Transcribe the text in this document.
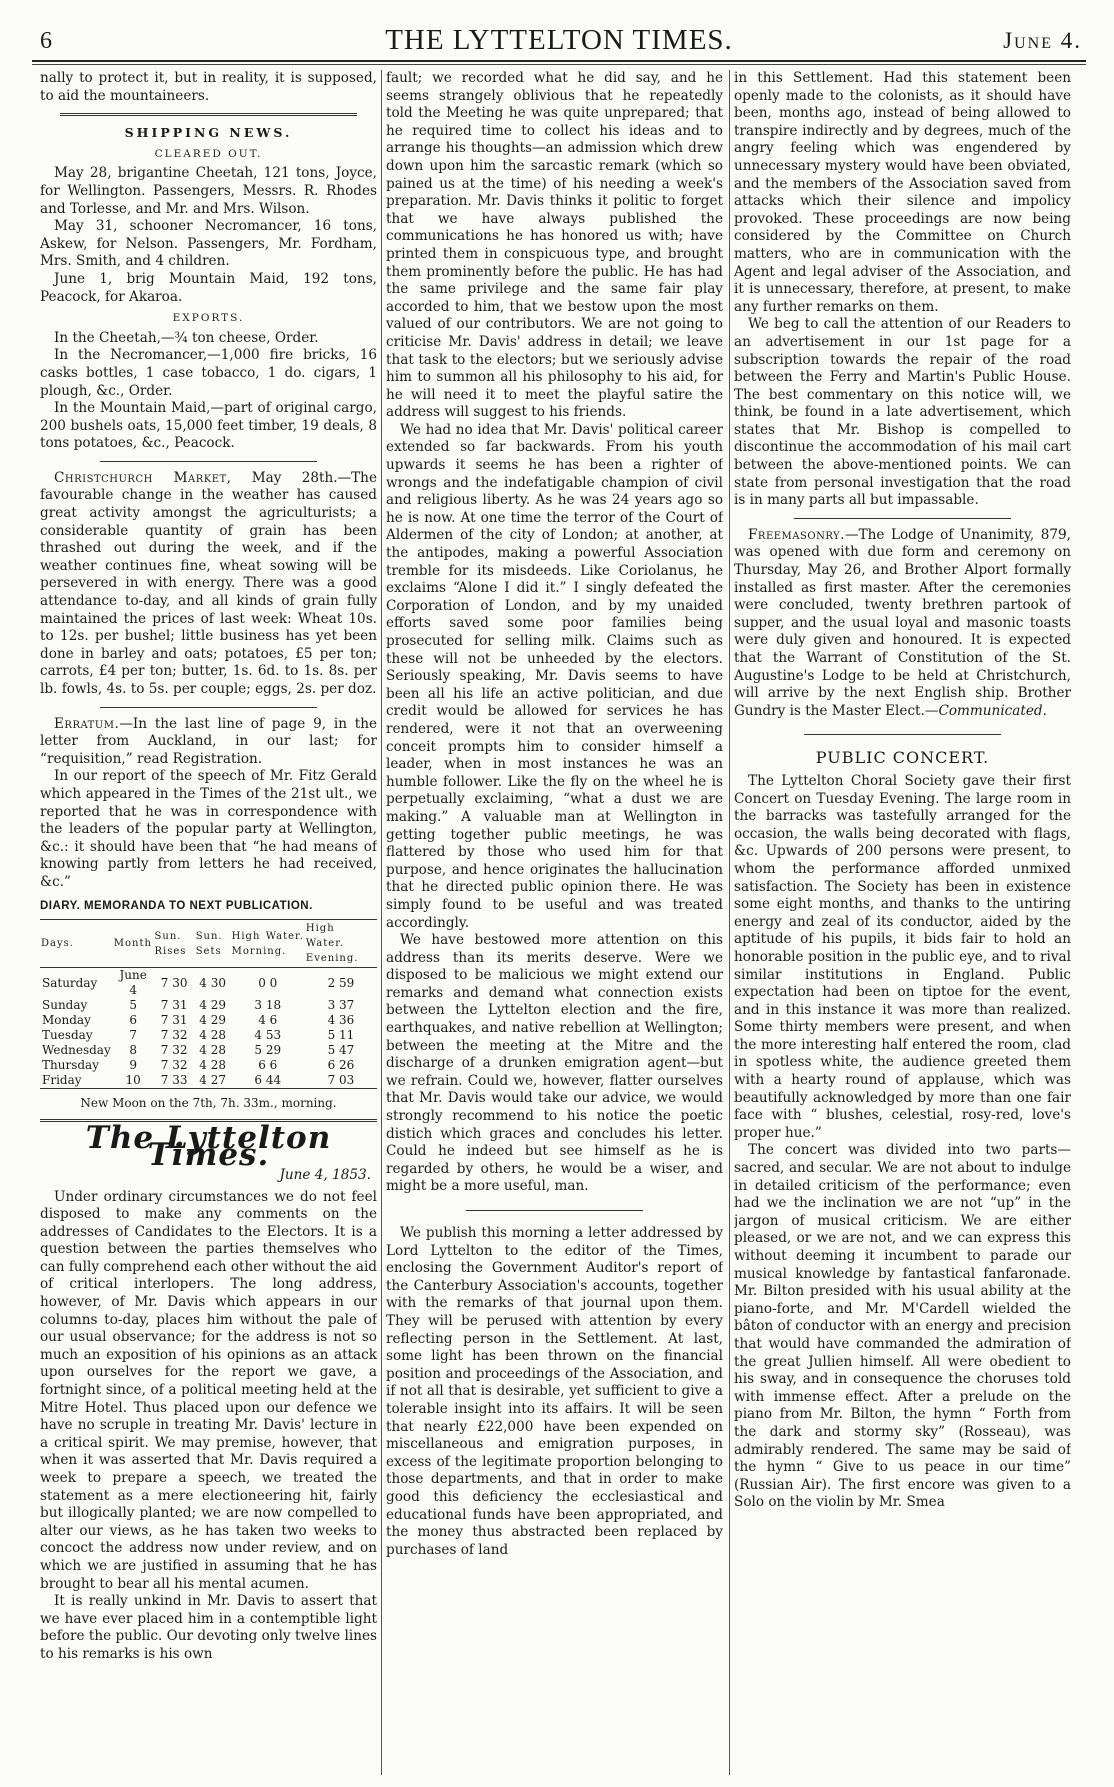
6	THE LYTTELTON TIMES.	June 4.

nally to protect it, but in reality, it is supposed, to aid the mountaineers.

SHIPPING NEWS.
CLEARED OUT.

May 28, brigantine Cheetah, 121 tons, Joyce, for Wellington. Passengers, Messrs. R. Rhodes and Torlesse, and Mr. and Mrs. Wilson.

May 31, schooner Necromancer, 16 tons, Askew, for Nelson. Passengers, Mr. Fordham, Mrs. Smith, and 4 children.

June 1, brig Mountain Maid, 192 tons, Peacock, for Akaroa.

EXPORTS.

In the Cheetah,—¾ ton cheese, Order.

In the Necromancer,—1,000 fire bricks, 16 casks bottles, 1 case tobacco, 1 do. cigars, 1 plough, &c., Order.

In the Mountain Maid,—part of original cargo, 200 bushels oats, 15,000 feet timber, 19 deals, 8 tons potatoes, &c., Peacock.

Christchurch Market, May 28th.—The favourable change in the weather has caused great activity amongst the agriculturists; a considerable quantity of grain has been thrashed out during the week, and if the weather continues fine, wheat sowing will be persevered in with energy. There was a good attendance to-day, and all kinds of grain fully maintained the prices of last week: Wheat 10s. to 12s. per bushel; little business has yet been done in barley and oats; potatoes, £5 per ton; carrots, £4 per ton; butter, 1s. 6d. to 1s. 8s. per lb. fowls, 4s. to 5s. per couple; eggs, 2s. per doz.

Erratum.—In the last line of page 9, in the letter from Auckland, in our last; for “requisition,” read Registration.

In our report of the speech of Mr. Fitz Gerald which appeared in the Times of the 21st ult., we reported that he was in correspondence with the leaders of the popular party at Wellington, &c.: it should have been that “he had means of knowing partly from letters he had received, &c.”

DIARY. MEMORANDA TO NEXT PUBLICATION.
Days.	Month	Sun. Rises	Sun. Sets	High Water. Morning.	High Water. Evening.
Saturday	June 4	7 30	4 30	0 0	2 59
Sunday	5	7 31	4 29	3 18	3 37
Monday	6	7 31	4 29	4 6	4 36
Tuesday	7	7 32	4 28	4 53	5 11
Wednesday	8	7 32	4 28	5 29	5 47
Thursday	9	7 32	4 28	6 6	6 26
Friday	10	7 33	4 27	6 44	7 03
New Moon on the 7th, 7h. 33m., morning.
The Lyttelton Times.
June 4, 1853.

Under ordinary circumstances we do not feel disposed to make any comments on the addresses of Candidates to the Electors. It is a question between the parties themselves who can fully comprehend each other without the aid of critical interlopers. The long address, however, of Mr. Davis which appears in our columns to-day, places him without the pale of our usual observance; for the address is not so much an exposition of his opinions as an attack upon ourselves for the report we gave, a fortnight since, of a political meeting held at the Mitre Hotel. Thus placed upon our defence we have no scruple in treating Mr. Davis' lecture in a critical spirit. We may premise, however, that when it was asserted that Mr. Davis required a week to prepare a speech, we treated the statement as a mere electioneering hit, fairly but illogically planted; we are now compelled to alter our views, as he has taken two weeks to concoct the address now under review, and on which we are justified in assuming that he has brought to bear all his mental acumen.

It is really unkind in Mr. Davis to assert that we have ever placed him in a contemptible light before the public. Our devoting only twelve lines to his remarks is his own

fault; we recorded what he did say, and he seems strangely oblivious that he repeatedly told the Meeting he was quite unprepared; that he required time to collect his ideas and to arrange his thoughts—an admission which drew down upon him the sarcastic remark (which so pained us at the time) of his needing a week's preparation. Mr. Davis thinks it politic to forget that we have always published the communications he has honored us with; have printed them in conspicuous type, and brought them prominently before the public. He has had the same privilege and the same fair play accorded to him, that we bestow upon the most valued of our contributors. We are not going to criticise Mr. Davis' address in detail; we leave that task to the electors; but we seriously advise him to summon all his philosophy to his aid, for he will need it to meet the playful satire the address will suggest to his friends.

We had no idea that Mr. Davis' political career extended so far backwards. From his youth upwards it seems he has been a righter of wrongs and the indefatigable champion of civil and religious liberty. As he was 24 years ago so he is now. At one time the terror of the Court of Aldermen of the city of London; at another, at the antipodes, making a powerful Association tremble for its misdeeds. Like Coriolanus, he exclaims “Alone I did it.” I singly defeated the Corporation of London, and by my unaided efforts saved some poor families being prosecuted for selling milk. Claims such as these will not be unheeded by the electors. Seriously speaking, Mr. Davis seems to have been all his life an active politician, and due credit would be allowed for services he has rendered, were it not that an overweening conceit prompts him to consider himself a leader, when in most instances he was an humble follower. Like the fly on the wheel he is perpetually exclaiming, “what a dust we are making.” A valuable man at Wellington in getting together public meetings, he was flattered by those who used him for that purpose, and hence originates the hallucination that he directed public opinion there. He was simply found to be useful and was treated accordingly.

We have bestowed more attention on this address than its merits deserve. Were we disposed to be malicious we might extend our remarks and demand what connection exists between the Lyttelton election and the fire, earthquakes, and native rebellion at Wellington; between the meeting at the Mitre and the discharge of a drunken emigration agent—but we refrain. Could we, however, flatter ourselves that Mr. Davis would take our advice, we would strongly recommend to his notice the poetic distich which graces and concludes his letter. Could he indeed but see himself as he is regarded by others, he would be a wiser, and might be a more useful, man.

We publish this morning a letter addressed by Lord Lyttelton to the editor of the Times, enclosing the Government Auditor's report of the Canterbury Association's accounts, together with the remarks of that journal upon them. They will be perused with attention by every reflecting person in the Settlement. At last, some light has been thrown on the financial position and proceedings of the Association, and if not all that is desirable, yet sufficient to give a tolerable insight into its affairs. It will be seen that nearly £22,000 have been expended on miscellaneous and emigration purposes, in excess of the legitimate proportion belonging to those departments, and that in order to make good this deficiency the ecclesiastical and educational funds have been appropriated, and the money thus abstracted been replaced by purchases of land

in this Settlement. Had this statement been openly made to the colonists, as it should have been, months ago, instead of being allowed to transpire indirectly and by degrees, much of the angry feeling which was engendered by unnecessary mystery would have been obviated, and the members of the Association saved from attacks which their silence and impolicy provoked. These proceedings are now being considered by the Committee on Church matters, who are in communication with the Agent and legal adviser of the Association, and it is unnecessary, therefore, at present, to make any further remarks on them.

We beg to call the attention of our Readers to an advertisement in our 1st page for a subscription towards the repair of the road between the Ferry and Martin's Public House. The best commentary on this notice will, we think, be found in a late advertisement, which states that Mr. Bishop is compelled to discontinue the accommodation of his mail cart between the above-mentioned points. We can state from personal investigation that the road is in many parts all but impassable.

Freemasonry.—The Lodge of Unanimity, 879, was opened with due form and ceremony on Thursday, May 26, and Brother Alport formally installed as first master. After the ceremonies were concluded, twenty brethren partook of supper, and the usual loyal and masonic toasts were duly given and honoured. It is expected that the Warrant of Constitution of the St. Augustine's Lodge to be held at Christchurch, will arrive by the next English ship. Brother Gundry is the Master Elect.—Communicated.

PUBLIC CONCERT.

The Lyttelton Choral Society gave their first Concert on Tuesday Evening. The large room in the barracks was tastefully arranged for the occasion, the walls being decorated with flags, &c. Upwards of 200 persons were present, to whom the performance afforded unmixed satisfaction. The Society has been in existence some eight months, and thanks to the untiring energy and zeal of its conductor, aided by the aptitude of his pupils, it bids fair to hold an honorable position in the public eye, and to rival similar institutions in England. Public expectation had been on tiptoe for the event, and in this instance it was more than realized. Some thirty members were present, and when the more interesting half entered the room, clad in spotless white, the audience greeted them with a hearty round of applause, which was beautifully acknowledged by more than one fair face with “ blushes, celestial, rosy-red, love's proper hue.”

The concert was divided into two parts—sacred, and secular. We are not about to indulge in detailed criticism of the performance; even had we the inclination we are not “up” in the jargon of musical criticism. We are either pleased, or we are not, and we can express this without deeming it incumbent to parade our musical knowledge by fantastical fanfaronade. Mr. Bilton presided with his usual ability at the piano-forte, and Mr. M'Cardell wielded the bâton of conductor with an energy and precision that would have commanded the admiration of the great Jullien himself. All were obedient to his sway, and in consequence the choruses told with immense effect. After a prelude on the piano from Mr. Bilton, the hymn “ Forth from the dark and stormy sky” (Rosseau), was admirably rendered. The same may be said of the hymn “ Give to us peace in our time” (Russian Air). The first encore was given to a Solo on the violin by Mr. Smea
